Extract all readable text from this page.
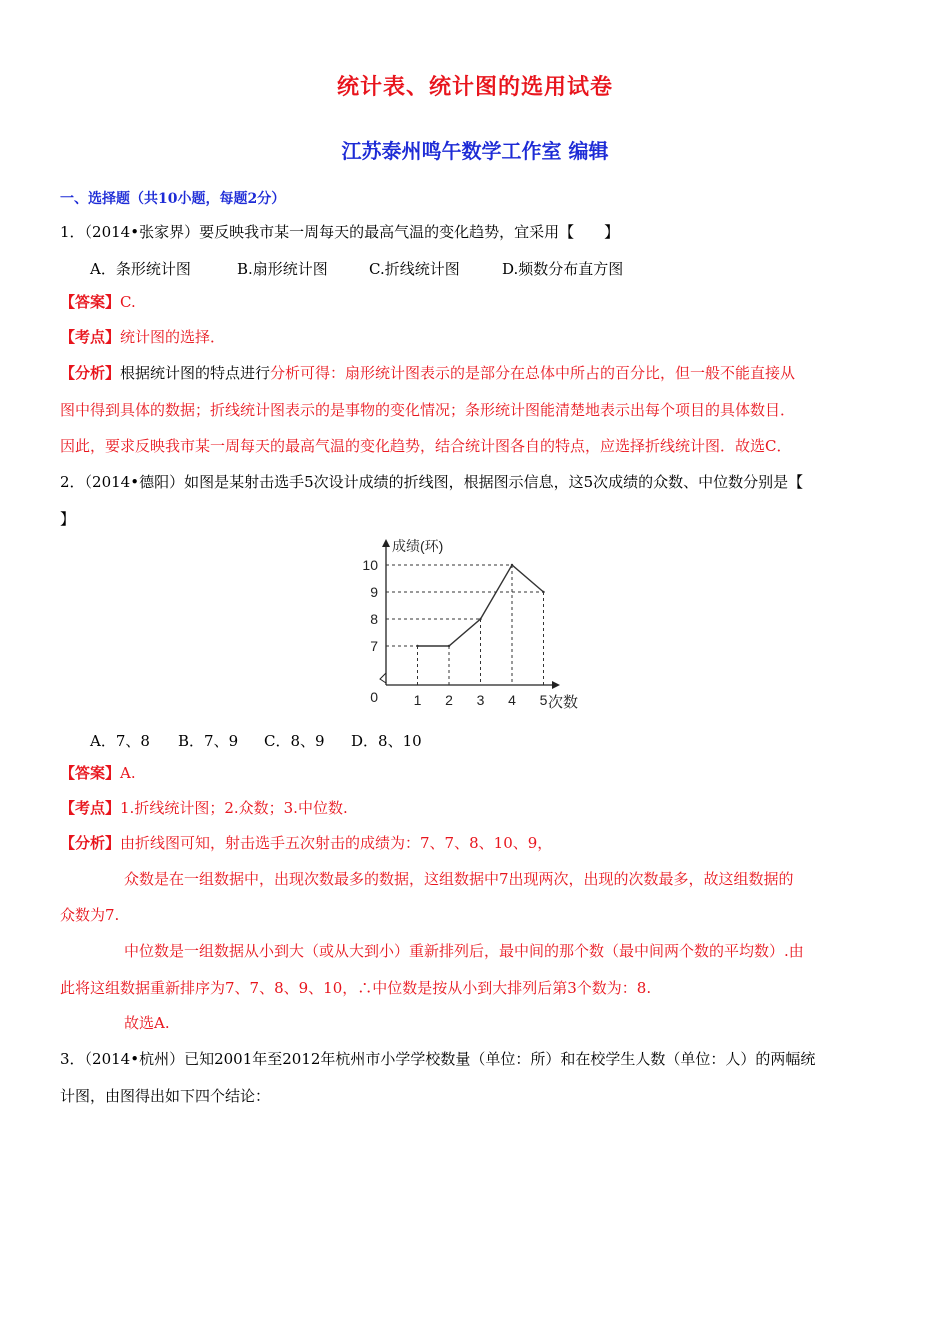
统计表、统计图的选用试卷
江苏泰州鸣午数学工作室 编辑
一、选择题（共10小题，每题2分）
1．（2014•张家界）要反映我市某一周每天的最高气温的变化趋势，宜采用【　　】
A．条形统计图	B.扇形统计图	C.折线统计图	D.频数分布直方图
【答案】C.
【考点】统计图的选择．
【分析】根据统计图的特点进行分析可得：扇形统计图表示的是部分在总体中所占的百分比，但一般不能直接从
图中得到具体的数据；折线统计图表示的是事物的变化情况；条形统计图能清楚地表示出每个项目的具体数目．
因此，要求反映我市某一周每天的最高气温的变化趋势，结合统计图各自的特点，应选择折线统计图．故选C．
2．（2014•德阳）如图是某射击选手5次设计成绩的折线图，根据图示信息，这5次成绩的众数、中位数分别是【
】
1 2 3 4 5
7
8
9
10
0
成绩(环)
次数
A．7、8 B．7、9 C．8、9 D．8、10
【答案】A.
【考点】1.折线统计图；2.众数；3.中位数.
【分析】由折线图可知，射击选手五次射击的成绩为：7、7、8、10、9，
众数是在一组数据中，出现次数最多的数据，这组数据中7出现两次，出现的次数最多，故这组数据的
众数为7.
中位数是一组数据从小到大（或从大到小）重新排列后，最中间的那个数（最中间两个数的平均数）.由
此将这组数据重新排序为7、7、8、9、10，∴中位数是按从小到大排列后第3个数为：8.
故选A.
3．（2014•杭州）已知2001年至2012年杭州市小学学校数量（单位：所）和在校学生人数（单位：人）的两幅统
计图，由图得出如下四个结论：
